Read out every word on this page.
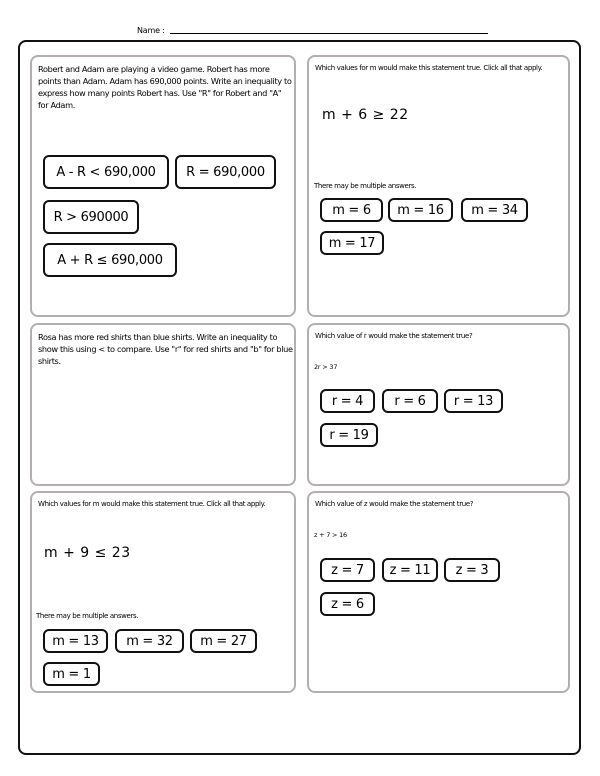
Name :
Robert and Adam are playing a video game. Robert has more points than Adam. Adam has 690,000 points. Write an inequality to express how many points Robert has. Use "R" for Robert and "A" for Adam.
A - R < 690,000	R = 690,000
R > 690000
A + R ≤ 690,000
Which values for m would make this statement true. Click all that apply.
m + 6 ≥ 22
There may be multiple answers.
m = 6	m = 16	m = 34
m = 17
Rosa has more red shirts than blue shirts. Write an inequality to show this using < to compare. Use "r" for red shirts and "b" for blue shirts.
Which value of r would make the statement true?
2r > 37
r = 4	r = 6	r = 13
r = 19
Which values for m would make this statement true. Click all that apply.
m + 9 ≤ 23
There may be multiple answers.
m = 13	m = 32	m = 27
m = 1
Which value of z would make the statement true?
z + 7 > 16
z = 7	z = 11	z = 3
z = 6
